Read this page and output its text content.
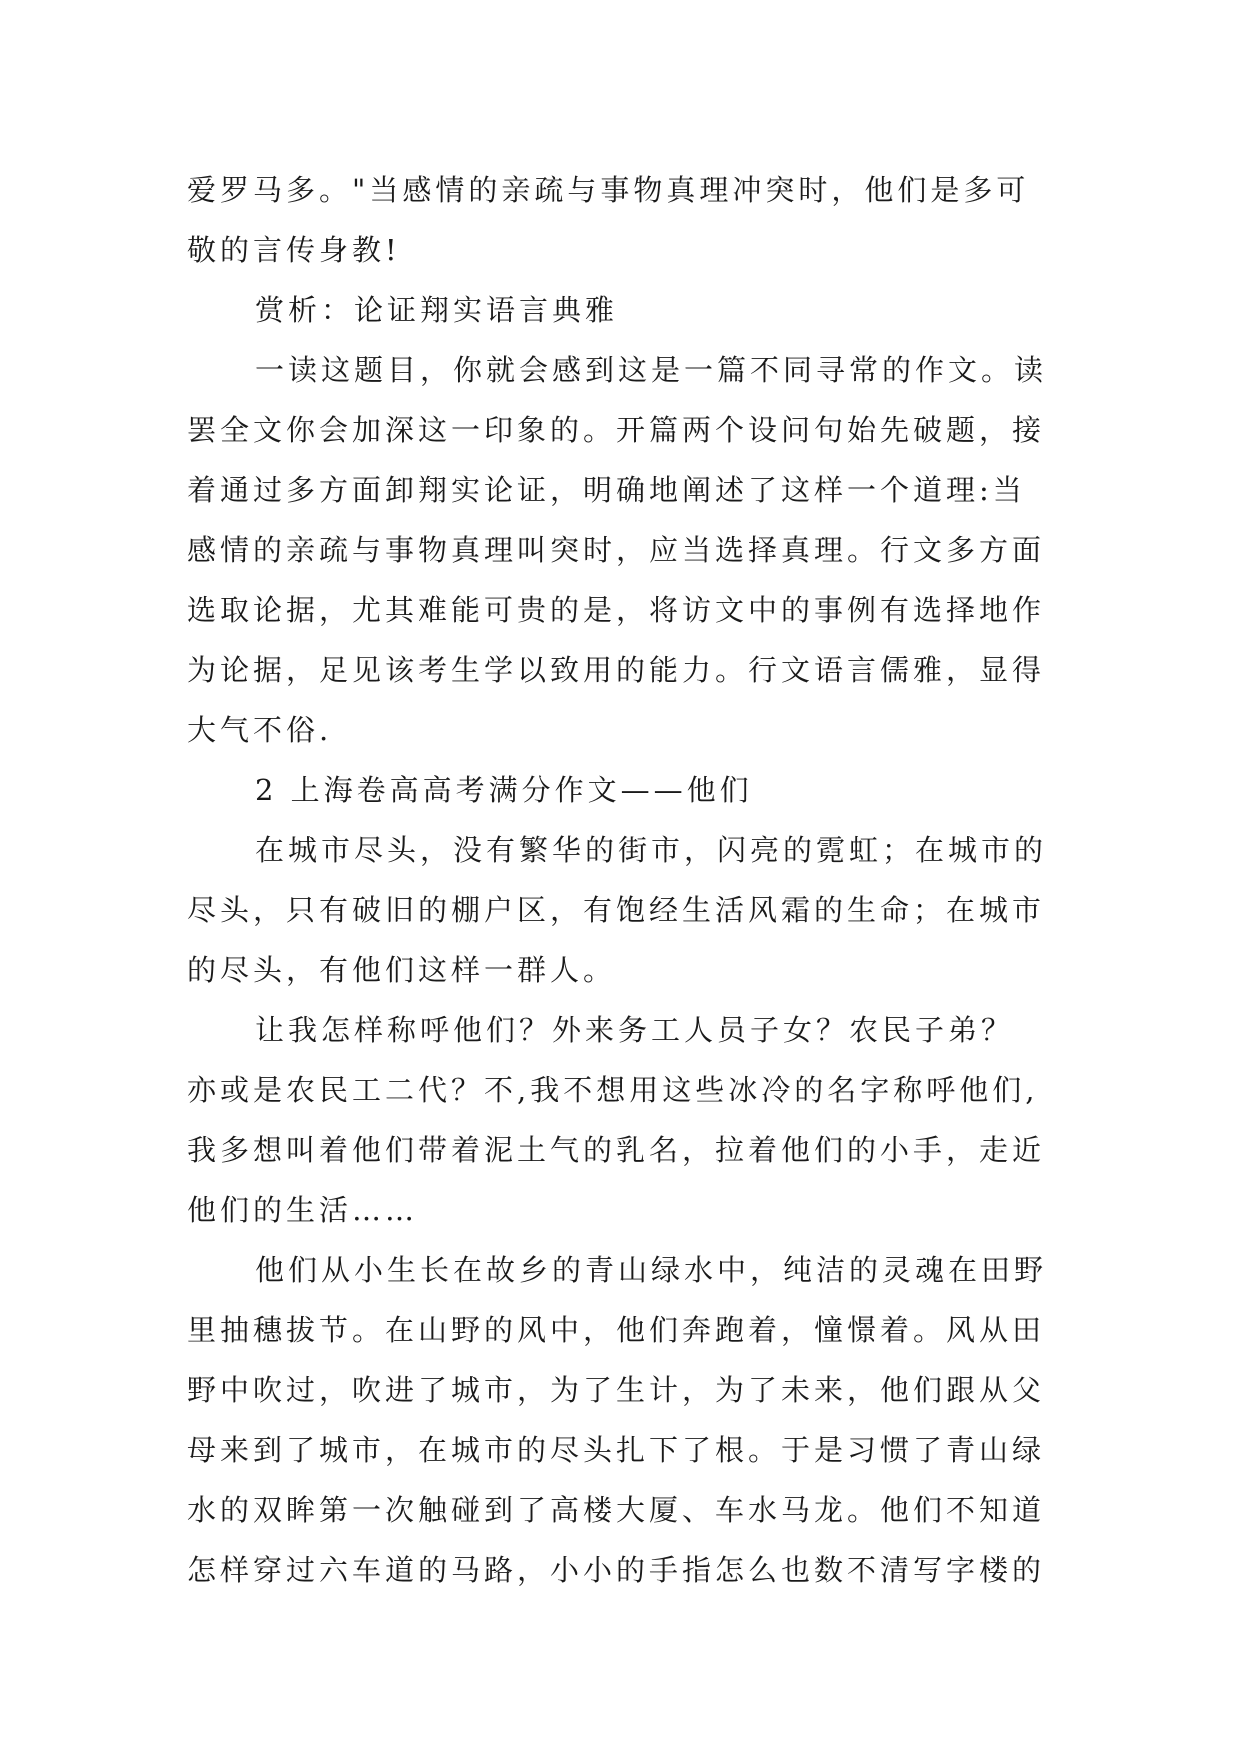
爱罗马多。"当感情的亲疏与事物真理冲突时，他们是多可
敬的言传身教!
赏析：论证翔实语言典雅
一读这题目，你就会感到这是一篇不同寻常的作文。读
罢全文你会加深这一印象的。开篇两个设问句始先破题，接
着通过多方面卸翔实论证，明确地阐述了这样一个道理:当
感情的亲疏与事物真理叫突时，应当选择真理。行文多方面
选取论据，尤其难能可贵的是，将访文中的事例有选择地作
为论据，足见该考生学以致用的能力。行文语言儒雅，显得
大气不俗.
2 上海卷高高考满分作文——他们
在城市尽头，没有繁华的街市，闪亮的霓虹；在城市的
尽头，只有破旧的棚户区，有饱经生活风霜的生命；在城市
的尽头，有他们这样一群人。
让我怎样称呼他们？外来务工人员子女？农民子弟？
亦或是农民工二代？不,我不想用这些冰冷的名字称呼他们,
我多想叫着他们带着泥土气的乳名，拉着他们的小手，走近
他们的生活……
他们从小生长在故乡的青山绿水中，纯洁的灵魂在田野
里抽穗拔节。在山野的风中，他们奔跑着，憧憬着。风从田
野中吹过，吹进了城市，为了生计，为了未来，他们跟从父
母来到了城市，在城市的尽头扎下了根。于是习惯了青山绿
水的双眸第一次触碰到了高楼大厦、车水马龙。他们不知道
怎样穿过六车道的马路，小小的手指怎么也数不清写字楼的
